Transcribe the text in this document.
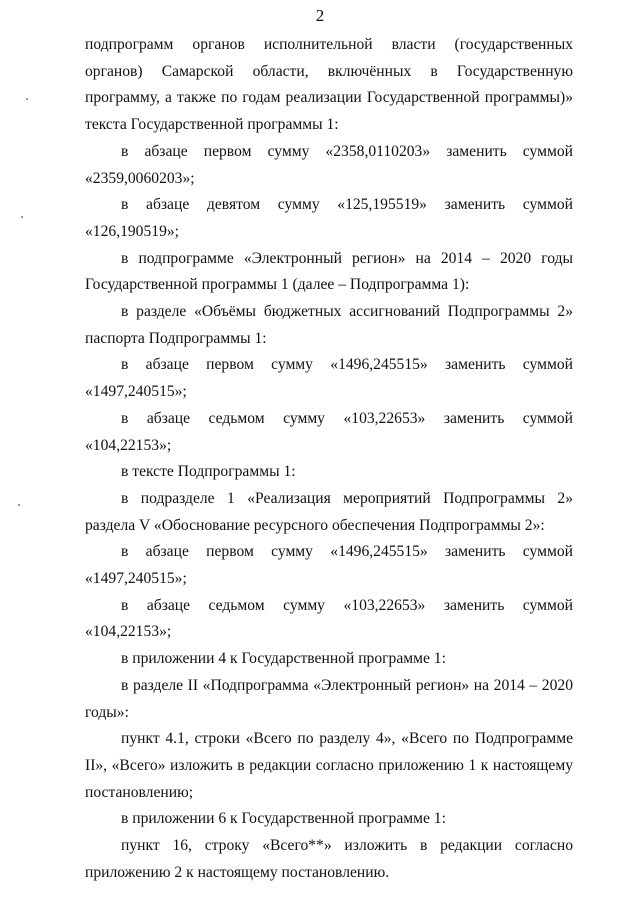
2

подпрограмм органов исполнительной власти (государственных органов) Самарской области, включённых в Государственную программу, а также по годам реализации Государственной программы)» текста Государственной программы 1:

в абзаце первом сумму «2358,0110203» заменить суммой «2359,0060203»;

в абзаце девятом сумму «125,195519» заменить суммой «126,190519»;

в подпрограмме «Электронный регион» на 2014 – 2020 годы Государственной программы 1 (далее – Подпрограмма 1):

в разделе «Объёмы бюджетных ассигнований Подпрограммы 2» паспорта Подпрограммы 1:

в абзаце первом сумму «1496,245515» заменить суммой «1497,240515»;

в абзаце седьмом сумму «103,22653» заменить суммой «104,22153»;

в тексте Подпрограммы 1:

в подразделе 1 «Реализация мероприятий Подпрограммы 2» раздела V «Обоснование ресурсного обеспечения Подпрограммы 2»:

в абзаце первом сумму «1496,245515» заменить суммой «1497,240515»;

в абзаце седьмом сумму «103,22653» заменить суммой «104,22153»;

в приложении 4 к Государственной программе 1:

в разделе II «Подпрограмма «Электронный регион» на 2014 – 2020 годы»:

пункт 4.1, строки «Всего по разделу 4», «Всего по Подпрограмме II», «Всего» изложить в редакции согласно приложению 1 к настоящему постановлению;

в приложении 6 к Государственной программе 1:

пункт 16, строку «Всего**» изложить в редакции согласно приложению 2 к настоящему постановлению.
